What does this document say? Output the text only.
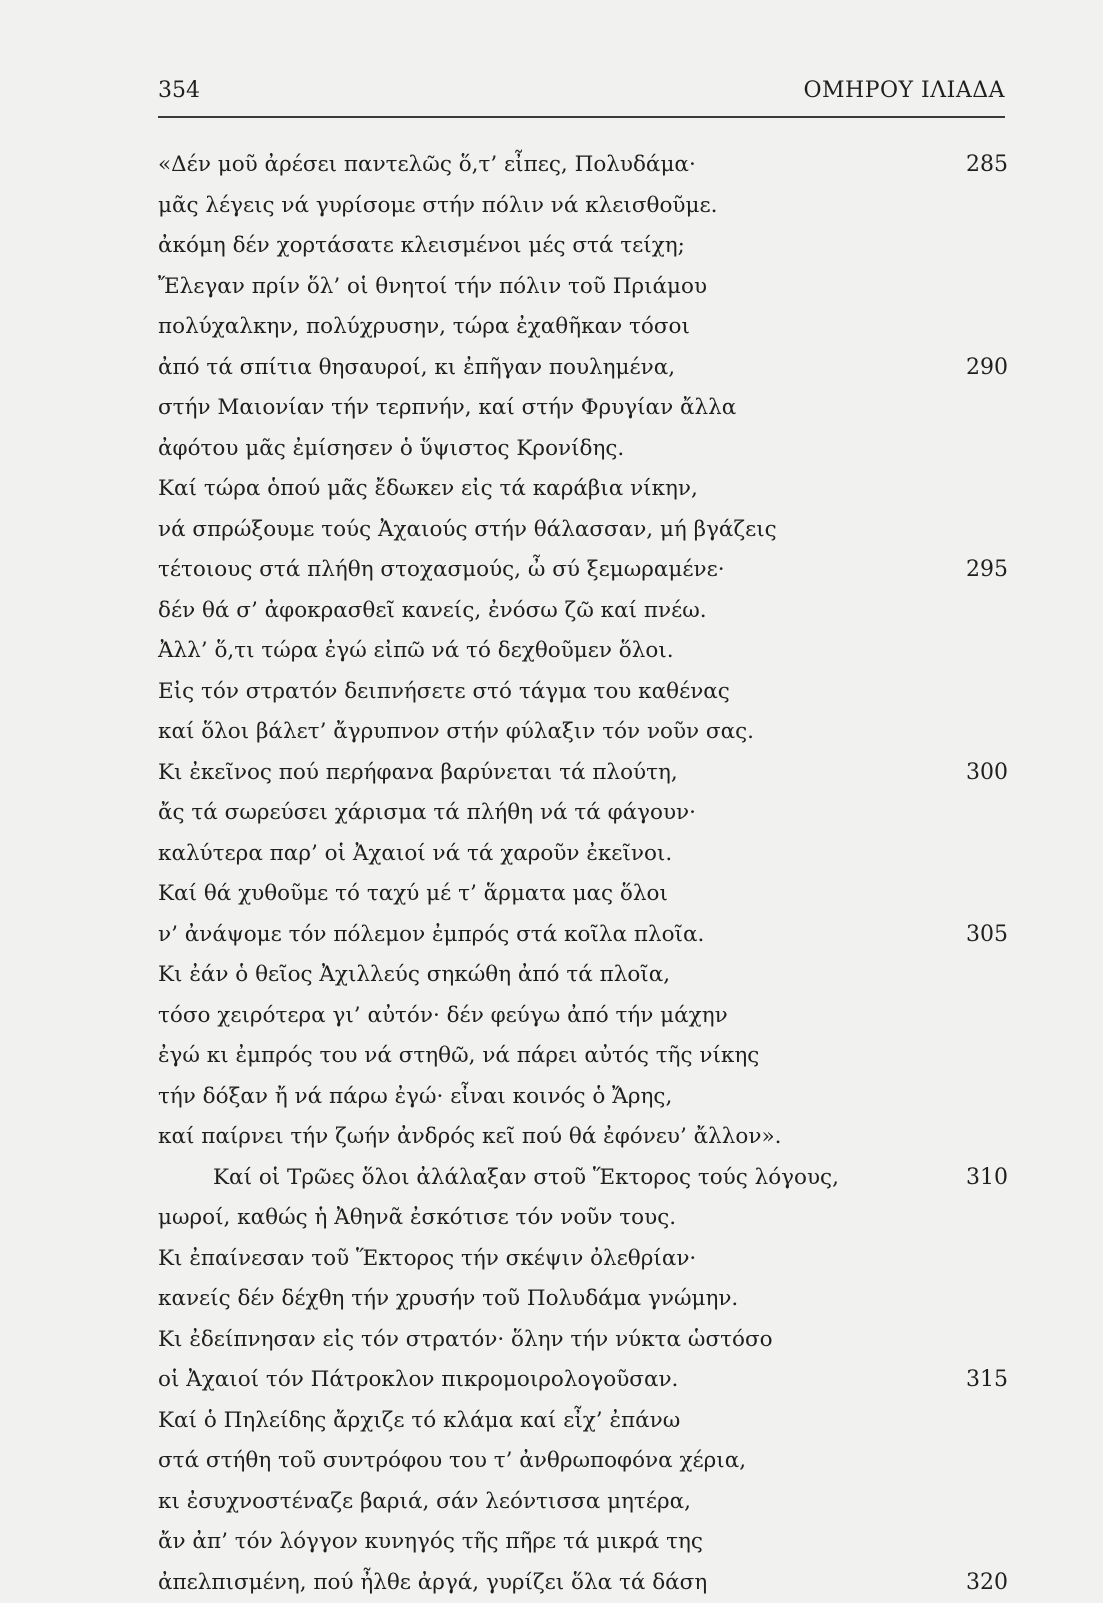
354	ΟΜΗΡΟΥ ΙΛΙΑΔΑ
«Δέν μοῦ ἀρέσει παντελῶς ὅ,τ’ εἶπες, Πολυδάμα·	285
μᾶς λέγεις νά γυρίσομε στήν πόλιν νά κλεισθοῦμε.
ἀκόμη δέν χορτάσατε κλεισμένοι μές στά τείχη;
Ἔλεγαν πρίν ὅλ’ οἱ θνητοί τήν πόλιν τοῦ Πριάμου
πολύχαλκην, πολύχρυσην, τώρα ἐχαθῆκαν τόσοι
ἀπό τά σπίτια θησαυροί, κι ἐπῆγαν πουλημένα,	290
στήν Μαιονίαν τήν τερπνήν, καί στήν Φρυγίαν ἄλλα
ἀφότου μᾶς ἐμίσησεν ὁ ὕψιστος Κρονίδης.
Καί τώρα ὁπού μᾶς ἔδωκεν εἰς τά καράβια νίκην,
νά σπρώξουμε τούς Ἀχαιούς στήν θάλασσαν, μή βγάζεις
τέτοιους στά πλήθη στοχασμούς, ὦ σύ ξεμωραμένε·	295
δέν θά σ’ ἀφοκρασθεῖ κανείς, ἐνόσω ζῶ καί πνέω.
Ἀλλ’ ὅ,τι τώρα ἐγώ εἰπῶ νά τό δεχθοῦμεν ὅλοι.
Εἰς τόν στρατόν δειπνήσετε στό τάγμα του καθένας
καί ὅλοι βάλετ’ ἄγρυπνον στήν φύλαξιν τόν νοῦν σας.
Κι ἐκεῖνος πού περήφανα βαρύνεται τά πλούτη,	300
ἄς τά σωρεύσει χάρισμα τά πλήθη νά τά φάγουν·
καλύτερα παρ’ οἱ Ἀχαιοί νά τά χαροῦν ἐκεῖνοι.
Καί θά χυθοῦμε τό ταχύ μέ τ’ ἅρματα μας ὅλοι
ν’ ἀνάψομε τόν πόλεμον ἐμπρός στά κοῖλα πλοῖα.	305
Κι ἐάν ὁ θεῖος Ἀχιλλεύς σηκώθη ἀπό τά πλοῖα,
τόσο χειρότερα γι’ αὐτόν· δέν φεύγω ἀπό τήν μάχην
ἐγώ κι ἐμπρός του νά στηθῶ, νά πάρει αὐτός τῆς νίκης
τήν δόξαν ἤ νά πάρω ἐγώ· εἶναι κοινός ὁ Ἄρης,
καί παίρνει τήν ζωήν ἀνδρός κεῖ πού θά ἐφόνευ’ ἄλλον».
Καί οἱ Τρῶες ὅλοι ἀλάλαξαν στοῦ Ἕκτορος τούς λόγους,	310
μωροί, καθώς ἡ Ἀθηνᾶ ἐσκότισε τόν νοῦν τους.
Κι ἐπαίνεσαν τοῦ Ἕκτορος τήν σκέψιν ὀλεθρίαν·
κανείς δέν δέχθη τήν χρυσήν τοῦ Πολυδάμα γνώμην.
Κι ἐδείπνησαν εἰς τόν στρατόν· ὅλην τήν νύκτα ὡστόσο
οἱ Ἀχαιοί τόν Πάτροκλον πικρομοιρολογοῦσαν.	315
Καί ὁ Πηλείδης ἄρχιζε τό κλάμα καί εἶχ’ ἐπάνω
στά στήθη τοῦ συντρόφου του τ’ ἀνθρωποφόνα χέρια,
κι ἐσυχνοστέναζε βαριά, σάν λεόντισσα μητέρα,
ἄν ἀπ’ τόν λόγγον κυνηγός τῆς πῆρε τά μικρά της
ἀπελπισμένη, πού ἦλθε ἀργά, γυρίζει ὅλα τά δάση	320
